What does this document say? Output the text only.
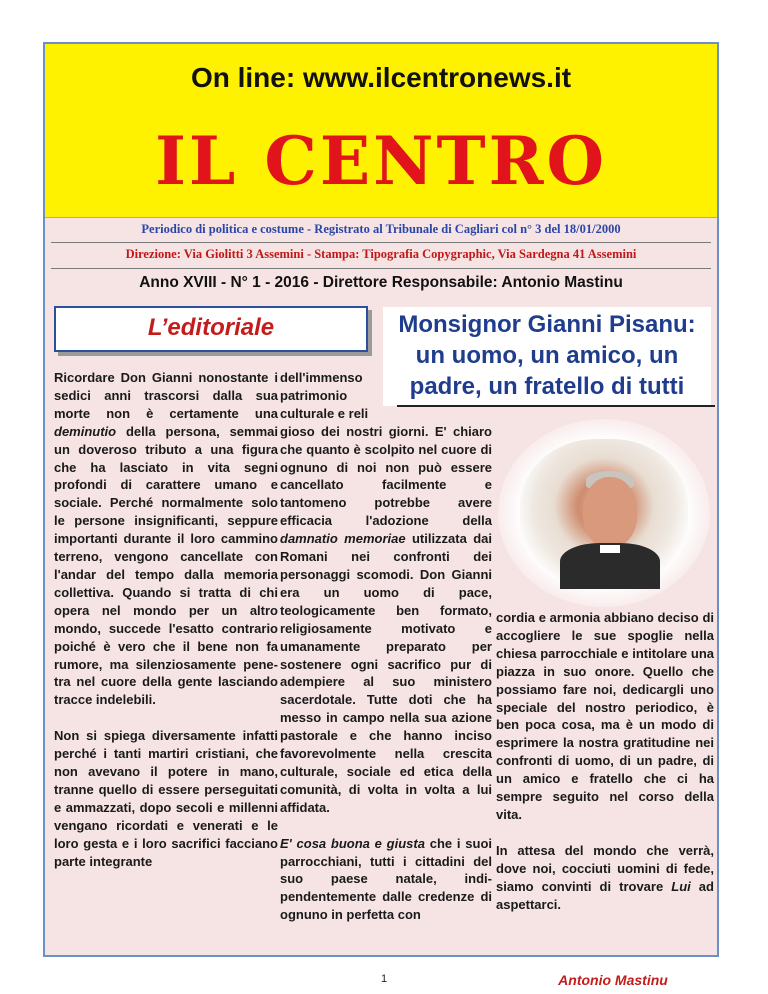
On line: www.ilcentronews.it
IL CENTRO
Periodico di politica e costume - Registrato al Tribunale di Cagliari col n° 3 del 18/01/2000
Direzione: Via Giolitti 3 Assemini - Stampa: Tipografia Copygraphic, Via Sardegna 41 Assemini
Anno XVIII - N° 1 - 2016 - Direttore Responsabile: Antonio Mastinu
L’editoriale	Monsignor Gianni Pisanu: un uomo, un amico, un padre, un fratello di tutti

Ricordare Don Gianni nonostante i sedici anni trascorsi dalla sua morte non è certamente una deminutio della persona, semmai un doveroso tributo a una figura che ha lasciato in vita segni profondi di carattere umano e sociale. Perché normalmente solo le persone insignificanti, seppure importanti durante il loro cammino terreno, vengono cancellate con l'andar del tempo dalla memoria collettiva. Quando si tratta di chi opera nel mondo per un altro mondo, succede l'esatto contrario poiché è vero che il bene non fa rumore, ma silenziosamente penetra nel cuore della gente lasciando tracce indelebili.

Non si spiega diversamente infatti perché i tanti martiri cristiani, che non avevano il potere in mano, tranne quello di essere perseguitati e ammazzati, dopo secoli e millenni vengano ricordati e venerati e le loro gesta e i loro sacrifici facciano parte integrante

dell'immenso patrimonio culturale e reli
gioso dei nostri giorni. E' chiaro che quanto è scolpito nel cuore di ognuno di noi non può essere cancellato facilmente e tantomeno potrebbe avere efficacia l'adozione della damnatio memoriae utilizzata dai Romani nei confronti dei personaggi scomodi. Don Gianni era un uomo di pace, teologicamente ben formato, religiosamente motivato e umanamente preparato per sostenere ogni sacrifico pur di adempiere al suo ministero sacerdotale. Tutte doti che ha messo in campo nella sua azione pastorale e che hanno inciso favorevolmente nella crescita culturale, sociale ed etica della comunità, di volta in volta a lui affidata.

E' cosa buona e giusta che i suoi parrocchiani, tutti i cittadini del suo paese natale, indipendentemente dalle credenze di ognuno in perfetta con

cordia e armonia abbiano deciso di accogliere le sue spoglie nella chiesa parrocchiale e intitolare una piazza in suo onore. Quello che possiamo fare noi, dedicargli uno speciale del nostro periodico, è ben poca cosa, ma è un modo di esprimere la nostra gratitudine nei confronti di uomo, di un padre, di un amico e fratello che ci ha sempre seguito nel corso della vita.

In attesa del mondo che verrà, dove noi, cocciuti uomini di fede, siamo convinti di trovare Lui ad aspettarci.

Antonio Mastinu
1
